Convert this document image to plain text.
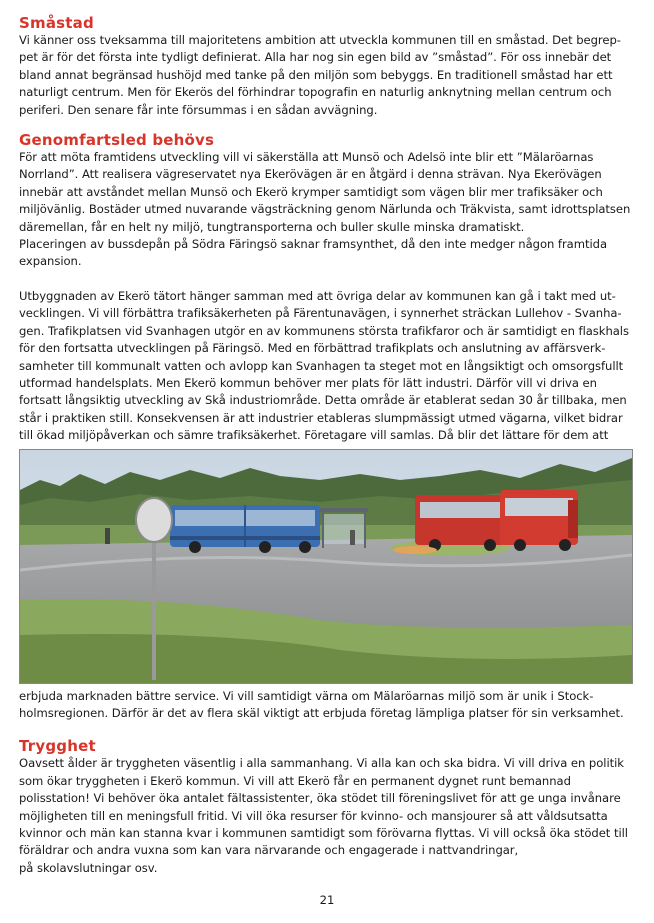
Småstad

Vi känner oss tveksamma till majoritetens ambition att utveckla kommunen till en småstad. Det begrep- pet är för det första inte tydligt definierat. Alla har nog sin egen bild av ”småstad”. För oss innebär det bland annat begränsad hushöjd med tanke på den miljön som bebyggs. En traditionell småstad har ett naturligt centrum. Men för Ekerös del förhindrar topografin en naturlig anknytning mellan centrum och periferi. Den senare får inte försummas i en sådan avvägning.

Genomfartsled behövs

För att möta framtidens utveckling vill vi säkerställa att Munsö och Adelsö inte blir ett ”Mälaröarnas Norrland”. Att realisera vägreservatet nya Ekerövägen är en åtgärd i denna strävan. Nya Ekerövägen innebär att avståndet mellan Munsö och Ekerö krymper samtidigt som vägen blir mer trafiksäker och miljövänlig. Bostäder utmed nuvarande vägsträckning genom Närlunda och Träkvista, samt idrottsplatsen däremellan, får en helt ny miljö, tungtransporterna och buller skulle minska dramatiskt.
Placeringen av bussdepån på Södra Färingsö saknar framsynthet, då den inte medger någon framtida expansion.

Utbyggnaden av Ekerö tätort hänger samman med att övriga delar av kommunen kan gå i takt med ut- vecklingen. Vi vill förbättra trafiksäkerheten på Färentunavägen, i synnerhet sträckan Lullehov - Svanha- gen. Trafikplatsen vid Svanhagen utgör en av kommunens största trafikfaror och är samtidigt en flaskhals för den fortsatta utvecklingen på Färingsö. Med en förbättrad trafikplats och anslutning av affärsverk- samheter till kommunalt vatten och avlopp kan Svanhagen ta steget mot en långsiktigt och omsorgsfullt utformad handelsplats. Men Ekerö kommun behöver mer plats för lätt industri. Därför vill vi driva en fortsatt långsiktig utveckling av Skå industriområde. Detta område är etablerat sedan 30 år tillbaka, men står i praktiken still. Konsekvensen är att industrier etableras slumpmässigt utmed vägarna, vilket bidrar till ökad miljöpåverkan och sämre trafiksäkerhet. Företagare vill samlas. Då blir det lättare för dem att

erbjuda marknaden bättre service. Vi vill samtidigt värna om Mälaröarnas miljö som är unik i Stock- holmsregionen. Därför är det av flera skäl viktigt att erbjuda företag lämpliga platser för sin verksamhet.

Trygghet

Oavsett ålder är tryggheten väsentlig i alla sammanhang. Vi alla kan och ska bidra. Vi vill driva en politik som ökar tryggheten i Ekerö kommun. Vi vill att Ekerö får en permanent dygnet runt bemannad polisstation! Vi behöver öka antalet fältassistenter, öka stödet till föreningslivet för att ge unga invånare möjligheten till en meningsfull fritid. Vi vill öka resurser för kvinno- och mansjourer så att våldsutsatta kvinnor och män kan stanna kvar i kommunen samtidigt som förövarna flyttas. Vi vill också öka stödet till föräldrar och andra vuxna som kan vara närvarande och engagerade i nattvandringar,
på skolavslutningar osv.

21
